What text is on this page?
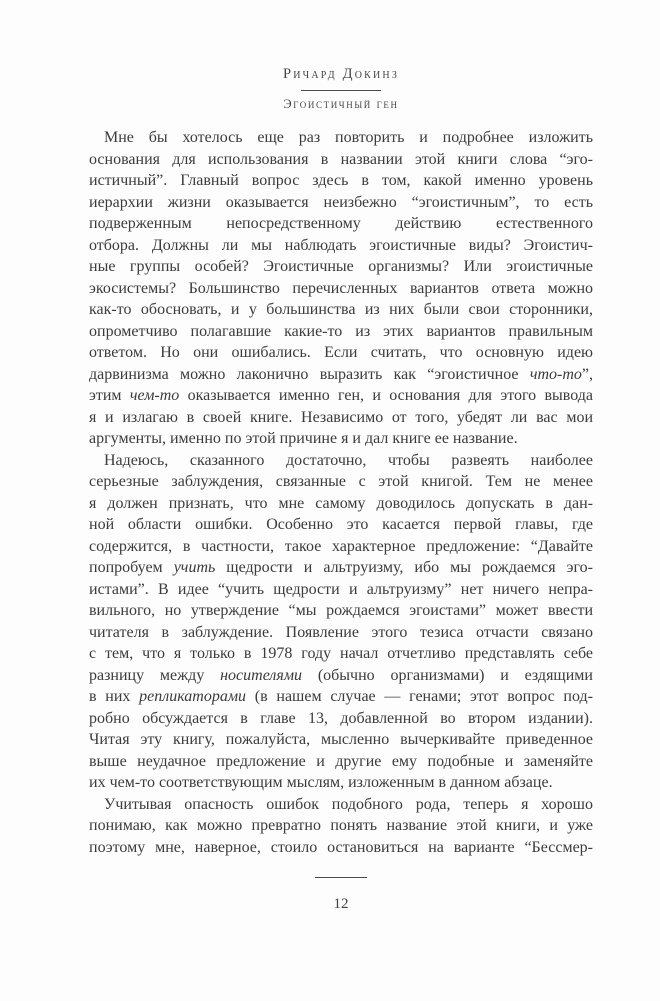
Ричард Докинз
Эгоистичный ген
Мне бы хотелось еще раз повторить и подробнее изложить
основания для использования в названии этой книги слова “эго-
истичный”. Главный вопрос здесь в том, какой именно уровень
иерархии жизни оказывается неизбежно “эгоистичным”, то есть
подверженным непосредственному действию естественного
отбора. Должны ли мы наблюдать эгоистичные виды? Эгоистич-
ные группы особей? Эгоистичные организмы? Или эгоистичные
экосистемы? Большинство перечисленных вариантов ответа можно
как-то обосновать, и у большинства из них были свои сторонники,
опрометчиво полагавшие какие-то из этих вариантов правильным
ответом. Но они ошибались. Если считать, что основную идею
дарвинизма можно лаконично выразить как “эгоистичное что-то”,
этим чем-то оказывается именно ген, и основания для этого вывода
я и излагаю в своей книге. Независимо от того, убедят ли вас мои
аргументы, именно по этой причине я и дал книге ее название.
Надеюсь, сказанного достаточно, чтобы развеять наиболее
серьезные заблуждения, связанные с этой книгой. Тем не менее
я должен признать, что мне самому доводилось допускать в дан-
ной области ошибки. Особенно это касается первой главы, где
содержится, в частности, такое характерное предложение: “Давайте
попробуем учить щедрости и альтруизму, ибо мы рождаемся эго-
истами”. В идее “учить щедрости и альтруизму” нет ничего непра-
вильного, но утверждение “мы рождаемся эгоистами” может ввести
читателя в заблуждение. Появление этого тезиса отчасти связано
с тем, что я только в 1978 году начал отчетливо представлять себе
разницу между носителями (обычно организмами) и ездящими
в них репликаторами (в нашем случае — генами; этот вопрос под-
робно обсуждается в главе 13, добавленной во втором издании).
Читая эту книгу, пожалуйста, мысленно вычеркивайте приведенное
выше неудачное предложение и другие ему подобные и заменяйте
их чем-то соответствующим мыслям, изложенным в данном абзаце.
Учитывая опасность ошибок подобного рода, теперь я хорошо
понимаю, как можно превратно понять название этой книги, и уже
поэтому мне, наверное, стоило остановиться на варианте “Бессмер-
12
